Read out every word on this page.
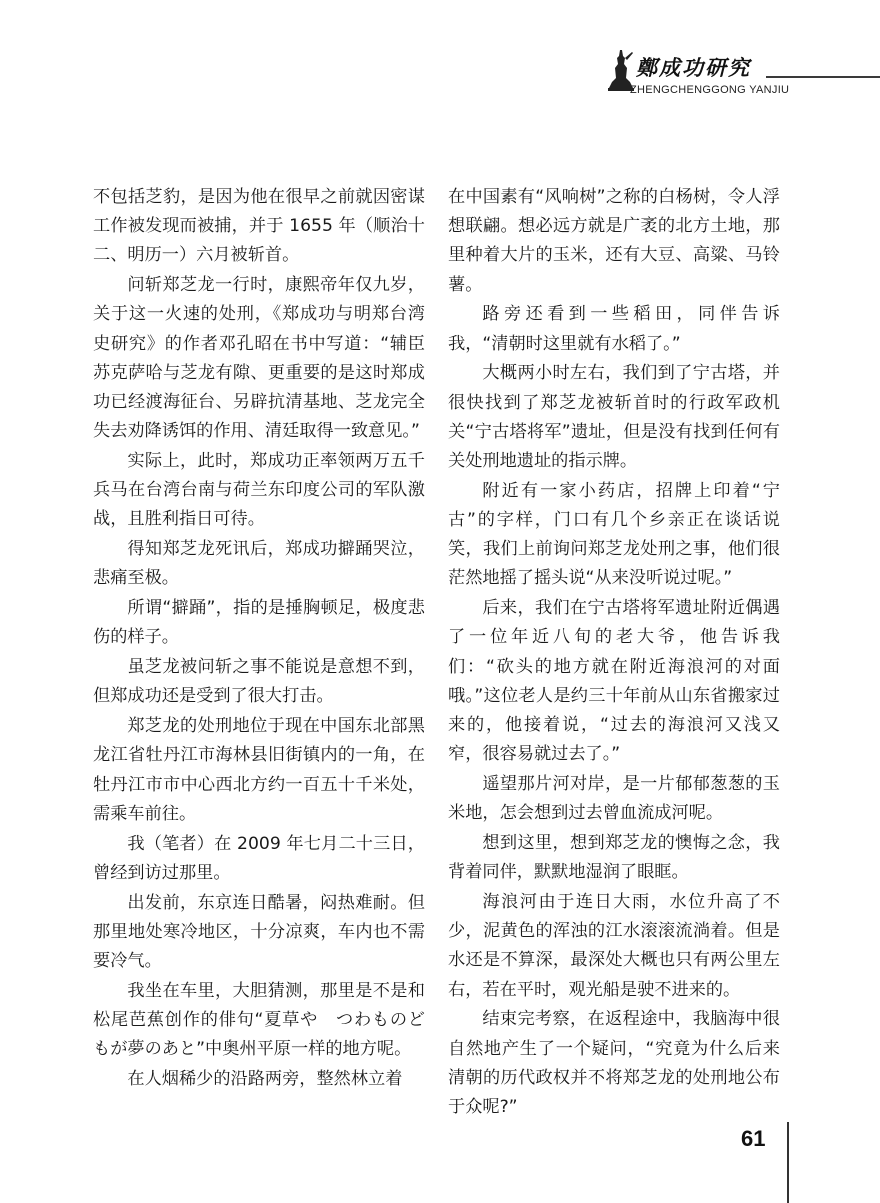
鄭成功研究
ZHENGCHENGGONG YANJIU

不包括芝豹，是因为他在很早之前就因密谋工作被发现而被捕，并于 1655 年（顺治十二、明历一）六月被斩首。

问斩郑芝龙一行时，康熙帝年仅九岁，关于这一火速的处刑，《郑成功与明郑台湾史研究》的作者邓孔昭在书中写道：“辅臣苏克萨哈与芝龙有隙、更重要的是这时郑成功已经渡海征台、另辟抗清基地、芝龙完全失去劝降诱饵的作用、清廷取得一致意见。”

实际上，此时，郑成功正率领两万五千兵马在台湾台南与荷兰东印度公司的军队激战，且胜利指日可待。

得知郑芝龙死讯后，郑成功擗踊哭泣，悲痛至极。

所谓“擗踊”，指的是捶胸顿足，极度悲伤的样子。

虽芝龙被问斩之事不能说是意想不到，但郑成功还是受到了很大打击。

郑芝龙的处刑地位于现在中国东北部黑龙江省牡丹江市海林县旧街镇内的一角，在牡丹江市市中心西北方约一百五十千米处，需乘车前往。

我（笔者）在 2009 年七月二十三日，曾经到访过那里。

出发前，东京连日酷暑，闷热难耐。但那里地处寒冷地区，十分凉爽，车内也不需要冷气。

我坐在车里，大胆猜测，那里是不是和松尾芭蕉创作的俳句“夏草や　つわものどもが夢のあと”中奥州平原一样的地方呢。

在人烟稀少的沿路两旁，整然林立着

在中国素有“风响树”之称的白杨树，令人浮想联翩。想必远方就是广袤的北方土地，那里种着大片的玉米，还有大豆、高粱、马铃薯。

路旁还看到一些稻田，同伴告诉我，“清朝时这里就有水稻了。”

大概两小时左右，我们到了宁古塔，并很快找到了郑芝龙被斩首时的行政军政机关“宁古塔将军”遗址，但是没有找到任何有关处刑地遗址的指示牌。

附近有一家小药店，招牌上印着“宁古”的字样，门口有几个乡亲正在谈话说笑，我们上前询问郑芝龙处刑之事，他们很茫然地摇了摇头说“从来没听说过呢。”

后来，我们在宁古塔将军遗址附近偶遇了一位年近八旬的老大爷，他告诉我们：“砍头的地方就在附近海浪河的对面哦。”这位老人是约三十年前从山东省搬家过来的，他接着说，“过去的海浪河又浅又窄，很容易就过去了。”

遥望那片河对岸，是一片郁郁葱葱的玉米地，怎会想到过去曾血流成河呢。

想到这里，想到郑芝龙的懊悔之念，我背着同伴，默默地湿润了眼眶。

海浪河由于连日大雨，水位升高了不少，泥黄色的浑浊的江水滚滚流淌着。但是水还是不算深，最深处大概也只有两公里左右，若在平时，观光船是驶不进来的。

结束完考察，在返程途中，我脑海中很自然地产生了一个疑问，“究竟为什么后来清朝的历代政权并不将郑芝龙的处刑地公布于众呢?”

61
